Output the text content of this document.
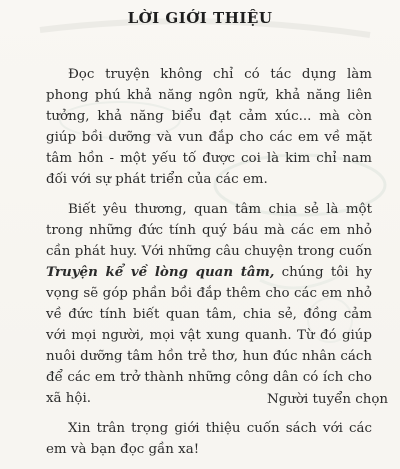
LỜI GIỚI THIỆU

Đọc truyện không chỉ có tác dụng làm phong phú khả năng ngôn ngữ, khả năng liên tưởng, khả năng biểu đạt cảm xúc... mà còn giúp bồi dưỡng và vun đắp cho các em về mặt tâm hồn - một yếu tố được coi là kim chỉ nam đối với sự phát triển của các em.

Biết yêu thương, quan tâm chia sẻ là một trong những đức tính quý báu mà các em nhỏ cần phát huy. Với những câu chuyện trong cuốn Truyện kể về lòng quan tâm, chúng tôi hy vọng sẽ góp phần bồi đắp thêm cho các em nhỏ về đức tính biết quan tâm, chia sẻ, đồng cảm với mọi người, mọi vật xung quanh. Từ đó giúp nuôi dưỡng tâm hồn trẻ thơ, hun đúc nhân cách để các em trở thành những công dân có ích cho xã hội.

Xin trân trọng giới thiệu cuốn sách với các em và bạn đọc gần xa!

Người tuyển chọn
